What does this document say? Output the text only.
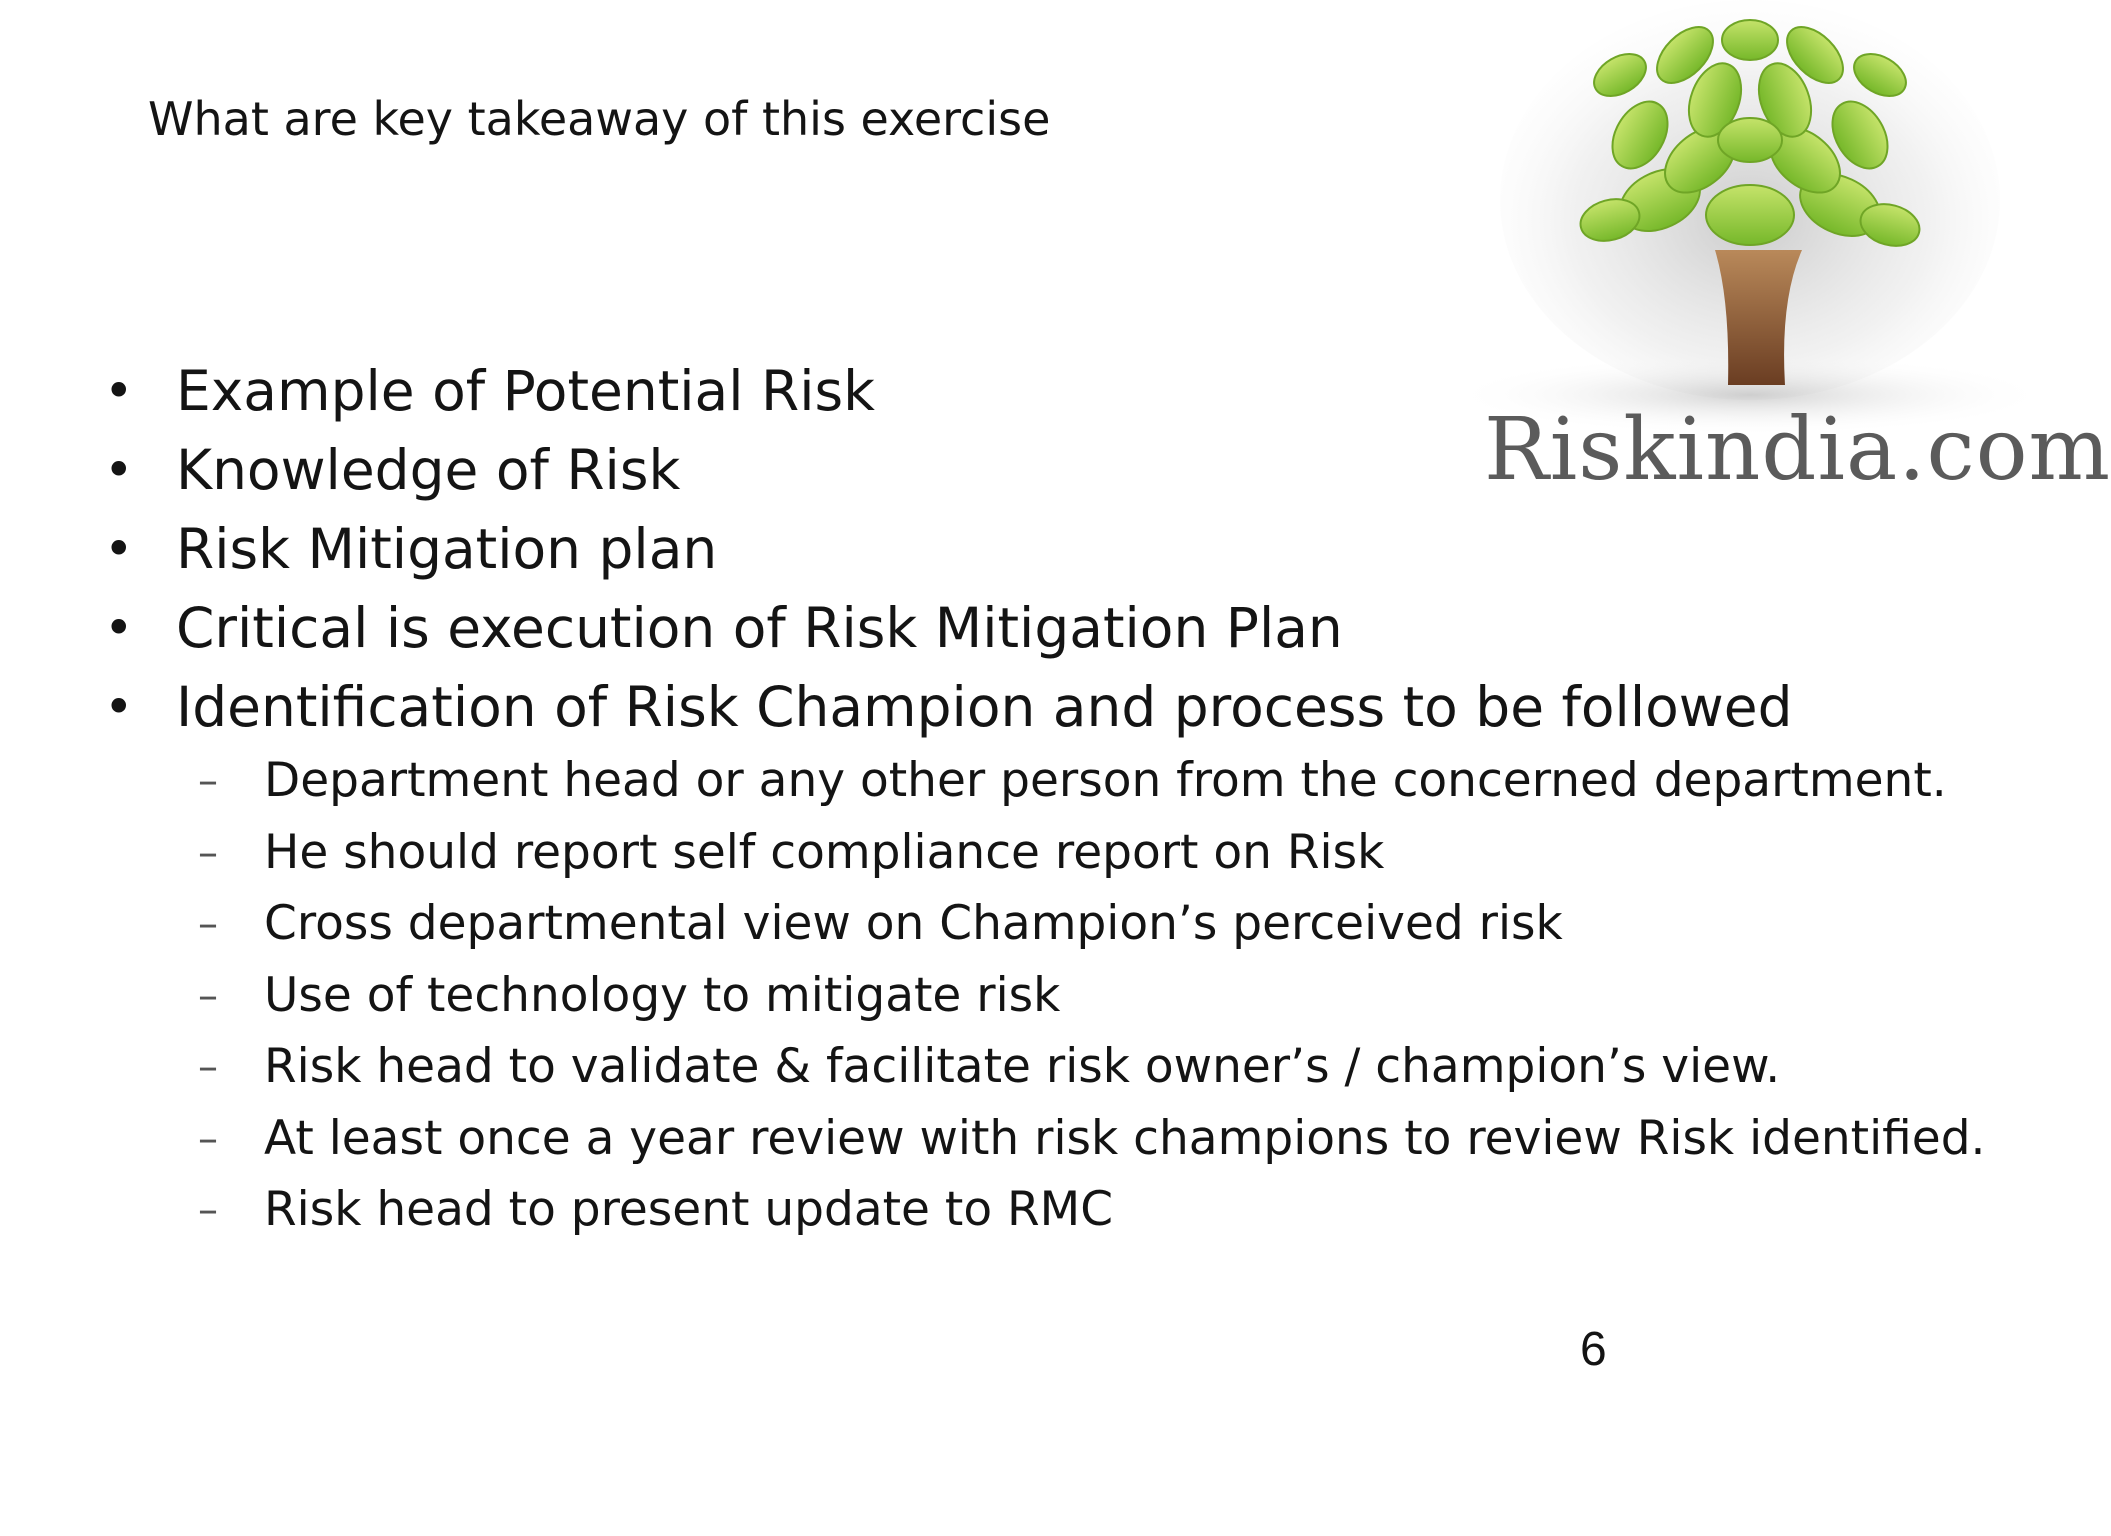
What are key takeaway of this exercise
Riskindia.com
• Example of Potential Risk
• Knowledge of Risk
• Risk Mitigation plan
• Critical is execution of Risk Mitigation Plan
• Identification of Risk Champion and process to be followed
– Department head or any other person from the concerned department.
– He should report self compliance report on Risk
– Cross departmental view on Champion’s perceived risk
– Use of technology to mitigate risk
– Risk head to validate & facilitate risk owner’s / champion’s view.
– At least once a year review with risk champions to review Risk identified.
– Risk head to present update to RMC
6
